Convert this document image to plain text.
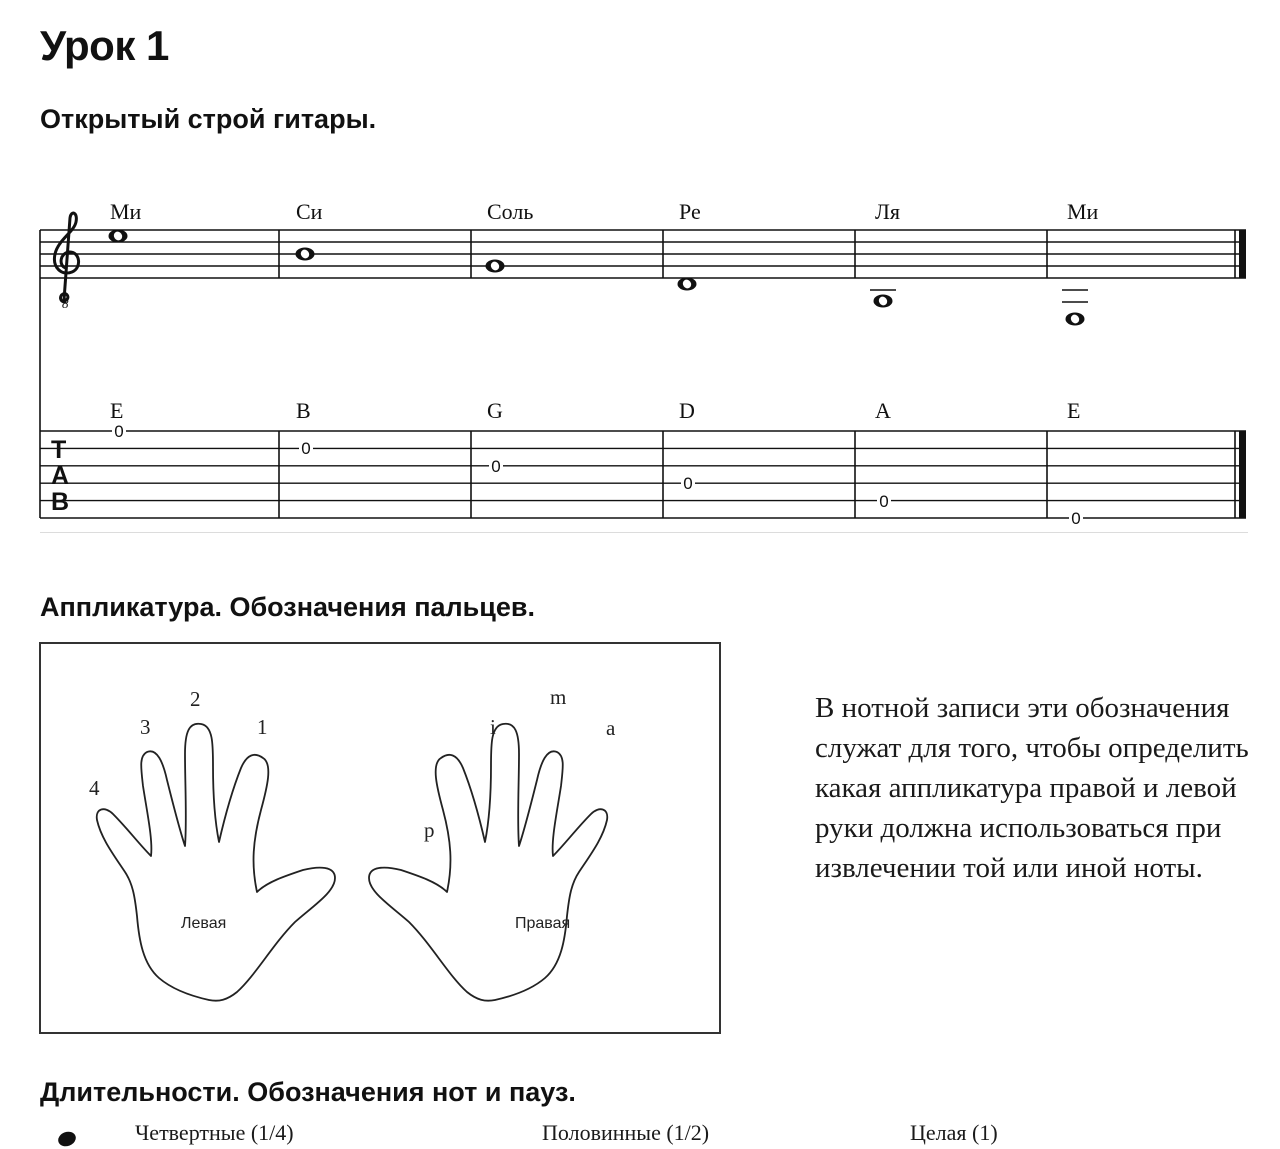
Урок 1
Открытый строй гитары.
8
T
A
B
Ми	Си	Соль	Ре	Ля	Ми
E	B	G	D	A	E
0
0
0
0
0
0
Аппликатура. Обозначения пальцев.
Левая
4
3
2
1
Правая
p
i
m
a

В нотной записи эти обозначения служат для того, чтобы определить какая аппликатура правой и левой руки должна использоваться при извлечении той или иной ноты.

Длительности. Обозначения нот и пауз.

Четвертные (1/4)	Половинные (1/2)	Целая (1)
